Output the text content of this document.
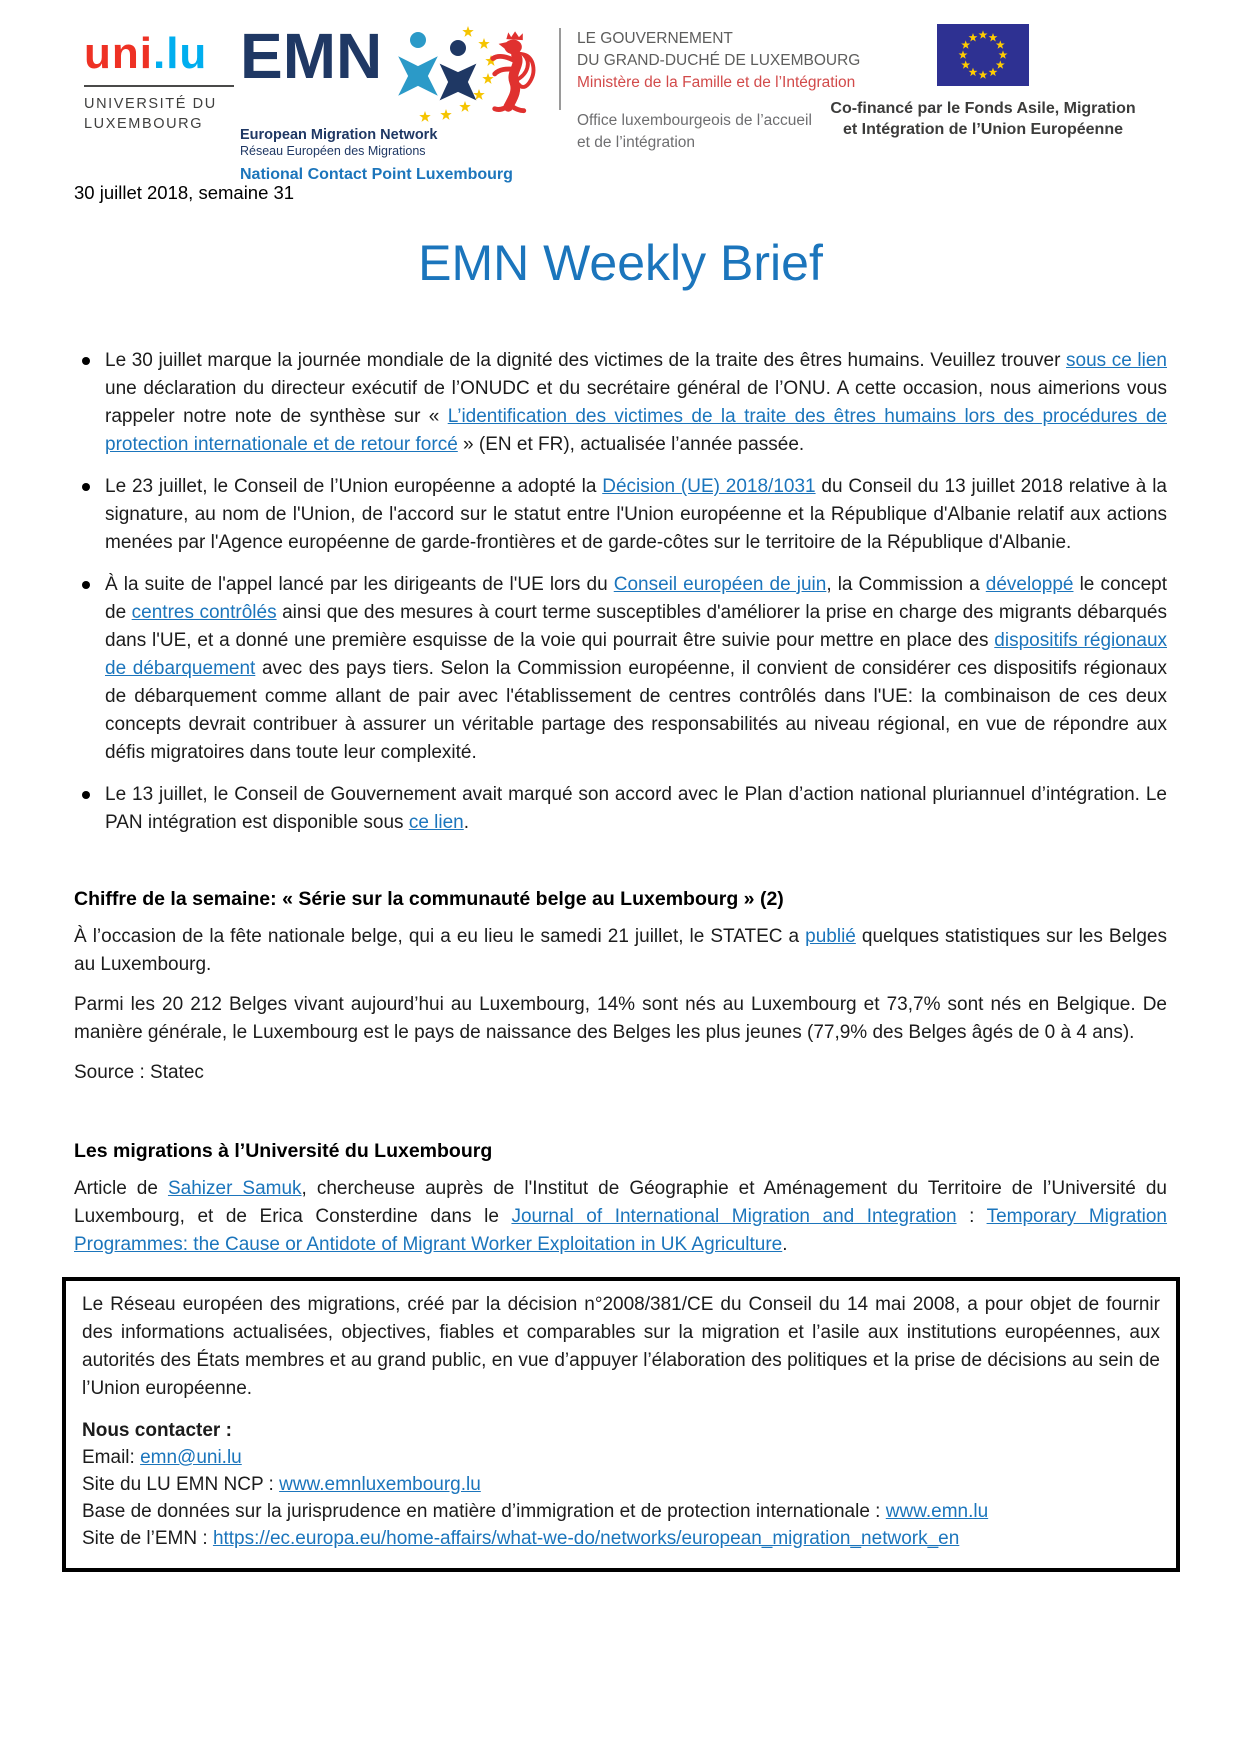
uni.lu
UNIVERSITÉ DU
LUXEMBOURG
EMN
European Migration Network
Réseau Européen des Migrations
National Contact Point Luxembourg
LE GOUVERNEMENT
DU GRAND-DUCHÉ DE LUXEMBOURG
Ministère de la Famille et de l’Intégration
Office luxembourgeois de l’accueil
et de l’intégration
Co-financé par le Fonds Asile, Migration
et Intégration de l’Union Européenne
30 juillet 2018, semaine 31
EMN Weekly Brief
Le 30 juillet marque la journée mondiale de la dignité des victimes de la traite des êtres humains. Veuillez trouver sous ce lien une déclaration du directeur exécutif de l’ONUDC et du secrétaire général de l’ONU. A cette occasion, nous aimerions vous rappeler notre note de synthèse sur « L’identification des victimes de la traite des êtres humains lors des procédures de protection internationale et de retour forcé » (EN et FR), actualisée l’année passée.
Le 23 juillet, le Conseil de l’Union européenne a adopté la Décision (UE) 2018/1031 du Conseil du 13 juillet 2018 relative à la signature, au nom de l'Union, de l'accord sur le statut entre l'Union européenne et la République d'Albanie relatif aux actions menées par l'Agence européenne de garde-frontières et de garde-côtes sur le territoire de la République d'Albanie.
À la suite de l'appel lancé par les dirigeants de l'UE lors du Conseil européen de juin, la Commission a développé le concept de centres contrôlés ainsi que des mesures à court terme susceptibles d'améliorer la prise en charge des migrants débarqués dans l'UE, et a donné une première esquisse de la voie qui pourrait être suivie pour mettre en place des dispositifs régionaux de débarquement avec des pays tiers. Selon la Commission européenne, il convient de considérer ces dispositifs régionaux de débarquement comme allant de pair avec l'établissement de centres contrôlés dans l'UE: la combinaison de ces deux concepts devrait contribuer à assurer un véritable partage des responsabilités au niveau régional, en vue de répondre aux défis migratoires dans toute leur complexité.
Le 13 juillet, le Conseil de Gouvernement avait marqué son accord avec le Plan d’action national pluriannuel d’intégration. Le PAN intégration est disponible sous ce lien.
Chiffre de la semaine: « Série sur la communauté belge au Luxembourg » (2)

À l’occasion de la fête nationale belge, qui a eu lieu le samedi 21 juillet, le STATEC a publié quelques statistiques sur les Belges au Luxembourg.

Parmi les 20 212 Belges vivant aujourd’hui au Luxembourg, 14% sont nés au Luxembourg et 73,7% sont nés en Belgique. De manière générale, le Luxembourg est le pays de naissance des Belges les plus jeunes (77,9% des Belges âgés de 0 à 4 ans).

Source : Statec

Les migrations à l’Université du Luxembourg

Article de Sahizer Samuk, chercheuse auprès de l'Institut de Géographie et Aménagement du Territoire de l’Université du Luxembourg, et de Erica Consterdine dans le Journal of International Migration and Integration : Temporary Migration Programmes: the Cause or Antidote of Migrant Worker Exploitation in UK Agriculture.

Le Réseau européen des migrations, créé par la décision n°2008/381/CE du Conseil du 14 mai 2008, a pour objet de fournir des informations actualisées, objectives, fiables et comparables sur la migration et l’asile aux institutions européennes, aux autorités des États membres et au grand public, en vue d’appuyer l’élaboration des politiques et la prise de décisions au sein de l’Union européenne.

Nous contacter :
Email: emn@uni.lu
Site du LU EMN NCP : www.emnluxembourg.lu
Base de données sur la jurisprudence en matière d’immigration et de protection internationale : www.emn.lu
Site de l’EMN : https://ec.europa.eu/home-affairs/what-we-do/networks/european_migration_network_en
